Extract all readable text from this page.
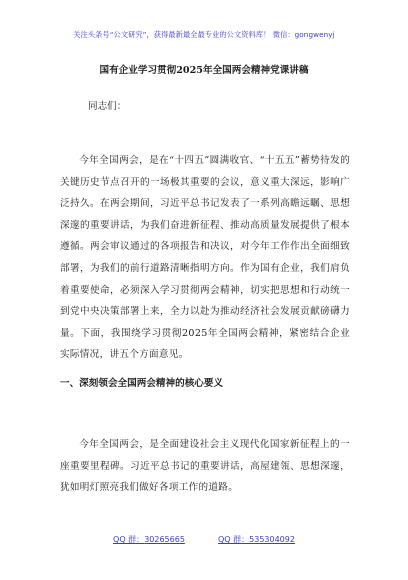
关注头条号“公文研究”，获得最新最全最专业的公文资料库！ 微信：gongwenyj
国有企业学习贯彻2025年全国两会精神党课讲稿
同志们：

今年全国两会，是在“十四五”圆满收官、“十五五”蓄势待发的关键历史节点召开的一场极其重要的会议，意义重大深远，影响广泛持久。在两会期间，习近平总书记发表了一系列高瞻远瞩、思想深邃的重要讲话，为我们奋进新征程、推动高质量发展提供了根本遵循。两会审议通过的各项报告和决议，对今年工作作出全面细致部署，为我们的前行道路清晰指明方向。作为国有企业，我们肩负着重要使命，必须深入学习贯彻两会精神，切实把思想和行动统一到党中央决策部署上来，全力以赴为推动经济社会发展贡献磅礴力量。下面，我围绕学习贯彻2025年全国两会精神，紧密结合企业实际情况，讲五个方面意见。

一、深刻领会全国两会精神的核心要义

今年全国两会，是全面建设社会主义现代化国家新征程上的一座重要里程碑。习近平总书记的重要讲话，高屋建瓴、思想深邃，犹如明灯照亮我们做好各项工作的道路。

QQ 群：30265665	QQ 群：535304092
